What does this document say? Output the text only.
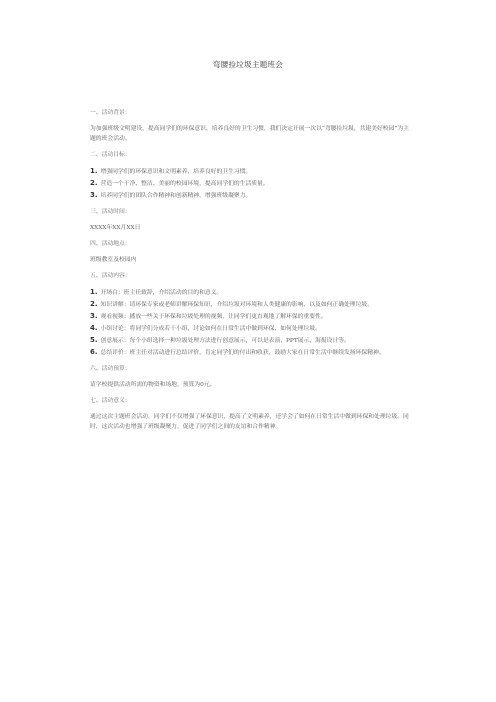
弯腰捡垃圾主题班会
一、活动背景：
为加强班级文明建设，提高同学们的环保意识，培养良好的卫生习惯，我们决定开展一次以“弯腰捡垃圾，共建美好校园”为主题的班会活动。
二、活动目标：
1. 增强同学们的环保意识和文明素养，培养良好的卫生习惯。
2. 营造一个干净、整洁、美丽的校园环境，提高同学们的生活质量。
3. 培养同学们的团队合作精神和创新精神，增强班级凝聚力。
三、活动时间：
XXXX年XX月XX日
四、活动地点：
班级教室及校园内
五、活动内容：
1. 开场白：班主任致辞，介绍活动的目的和意义。
2. 知识讲解：请环保专家或老师讲解环保知识，介绍垃圾对环境和人类健康的影响，以及如何正确处理垃圾。
3. 观看视频：播放一些关于环保和垃圾处理的视频，让同学们更直观地了解环保的重要性。
4. 小组讨论：将同学们分成若干小组，讨论如何在日常生活中做到环保，如何处理垃圾。
5. 创意展示：每个小组选择一种垃圾处理方法进行创意展示，可以是表演、PPT展示、海报设计等。
6. 总结评价：班主任对活动进行总结评价，肯定同学们的付出和收获，鼓励大家在日常生活中继续发扬环保精神。
六、活动预算：
请学校提供活动所需的物资和场地，预算为0元。
七、活动意义：
通过这次主题班会活动，同学们不仅增强了环保意识，提高了文明素养，还学会了如何在日常生活中做到环保和处理垃圾。同时，这次活动也增强了班级凝聚力，促进了同学们之间的友谊和合作精神。
